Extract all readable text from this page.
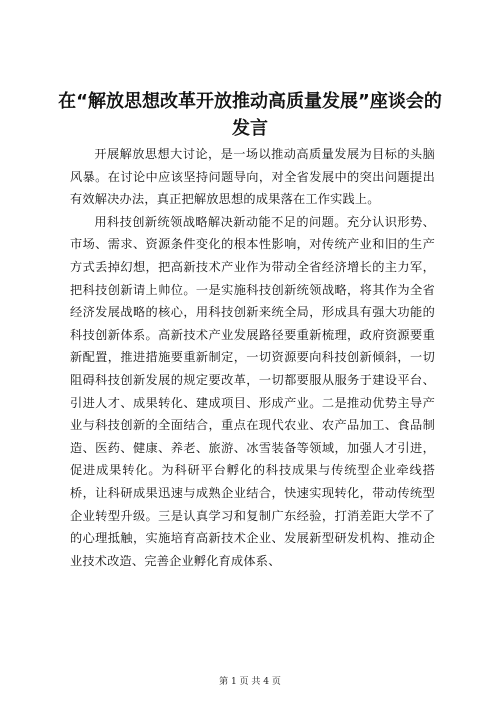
在“解放思想改革开放推动高质量发展”座谈会的发言

开展解放思想大讨论，是一场以推动高质量发展为目标的头脑风暴。在讨论中应该坚持问题导向，对全省发展中的突出问题提出有效解决办法，真正把解放思想的成果落在工作实践上。

用科技创新统领战略解决新动能不足的问题。充分认识形势、市场、需求、资源条件变化的根本性影响，对传统产业和旧的生产方式丢掉幻想，把高新技术产业作为带动全省经济增长的主力军，把科技创新请上帅位。一是实施科技创新统领战略，将其作为全省经济发展战略的核心，用科技创新来统全局，形成具有强大功能的科技创新体系。高新技术产业发展路径要重新梳理，政府资源要重新配置，推进措施要重新制定，一切资源要向科技创新倾斜，一切阻碍科技创新发展的规定要改革，一切都要服从服务于建设平台、引进人才、成果转化、建成项目、形成产业。二是推动优势主导产业与科技创新的全面结合，重点在现代农业、农产品加工、食品制造、医药、健康、养老、旅游、冰雪装备等领域，加强人才引进，促进成果转化。为科研平台孵化的科技成果与传统型企业牵线搭桥，让科研成果迅速与成熟企业结合，快速实现转化，带动传统型企业转型升级。三是认真学习和复制广东经验，打消差距大学不了的心理抵触，实施培育高新技术企业、发展新型研发机构、推动企业技术改造、完善企业孵化育成体系、

第 1 页 共 4 页
